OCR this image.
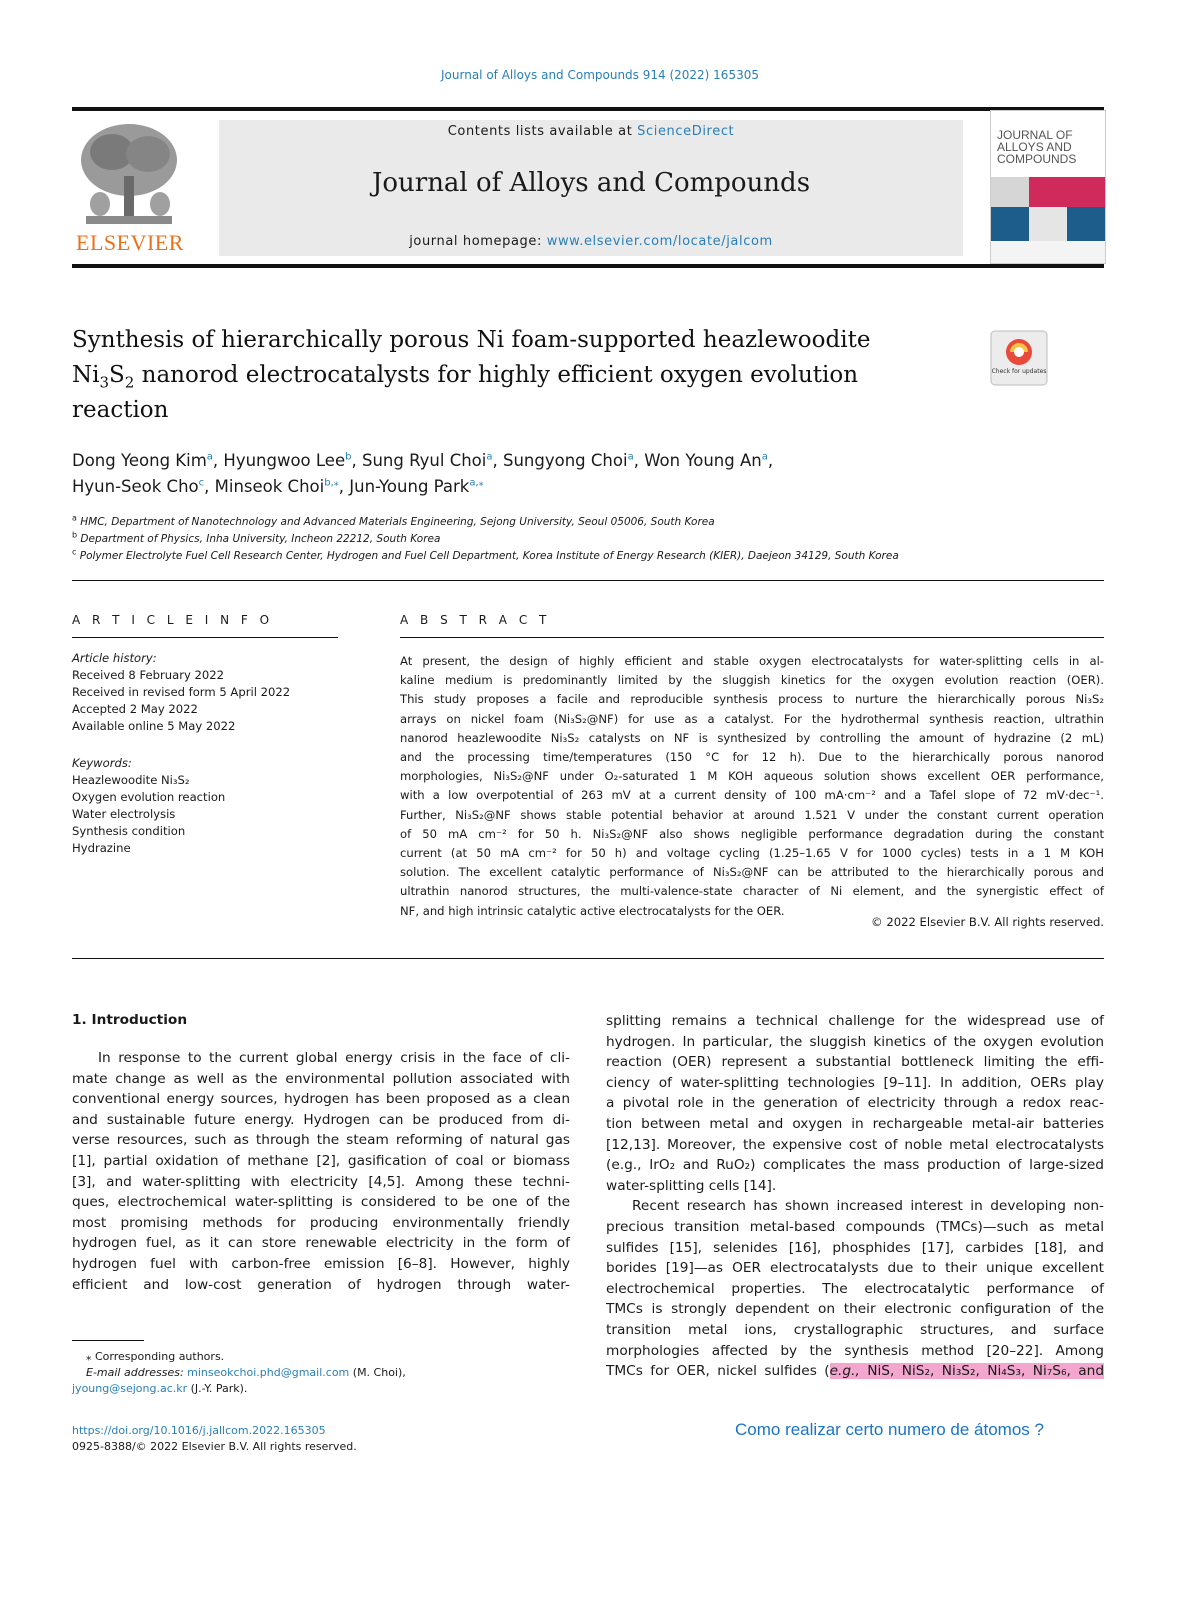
Journal of Alloys and Compounds 914 (2022) 165305
ELSEVIER
Contents lists available at ScienceDirect
Journal of Alloys and Compounds
journal homepage: www.elsevier.com/locate/jalcom
JOURNAL OF ALLOYS AND COMPOUNDS
Synthesis of hierarchically porous Ni foam-supported heazlewoodite
$Ni_3S_2$ nanorod electrocatalysts for highly efficient oxygen evolution
reaction
Check for updates
Dong Yeong Kim$^a$, Hyungwoo Lee$^b$, Sung Ryul Choi$^a$, Sungyong Choi$^a$, Won Young An$^a$,
Hyun-Seok Cho$^c$, Minseok Choi$^{b,⁎}$, Jun-Young Park$^{a,⁎}$
$^a$ HMC, Department of Nanotechnology and Advanced Materials Engineering, Sejong University, Seoul 05006, South Korea
$^b$ Department of Physics, Inha University, Incheon 22212, South Korea
$^c$ Polymer Electrolyte Fuel Cell Research Center, Hydrogen and Fuel Cell Department, Korea Institute of Energy Research (KIER), Daejeon 34129, South Korea
A R T I C L E I N F O
Article history:
Received 8 February 2022
Received in revised form 5 April 2022
Accepted 2 May 2022
Available online 5 May 2022
Keywords:
Heazlewoodite Ni₃S₂
Oxygen evolution reaction
Water electrolysis
Synthesis condition
Hydrazine
A B S T R A C T
At present, the design of highly efficient and stable oxygen electrocatalysts for water-splitting cells in al-
kaline medium is predominantly limited by the sluggish kinetics for the oxygen evolution reaction (OER).
This study proposes a facile and reproducible synthesis process to nurture the hierarchically porous Ni₃S₂
arrays on nickel foam (Ni₃S₂@NF) for use as a catalyst. For the hydrothermal synthesis reaction, ultrathin
nanorod heazlewoodite Ni₃S₂ catalysts on NF is synthesized by controlling the amount of hydrazine (2 mL)
and the processing time/temperatures (150 °C for 12 h). Due to the hierarchically porous nanorod
morphologies, Ni₃S₂@NF under O₂-saturated 1 M KOH aqueous solution shows excellent OER performance,
with a low overpotential of 263 mV at a current density of 100 mA·cm⁻² and a Tafel slope of 72 mV·dec⁻¹.
Further, Ni₃S₂@NF shows stable potential behavior at around 1.521 V under the constant current operation
of 50 mA cm⁻² for 50 h. Ni₃S₂@NF also shows negligible performance degradation during the constant
current (at 50 mA cm⁻² for 50 h) and voltage cycling (1.25–1.65 V for 1000 cycles) tests in a 1 M KOH
solution. The excellent catalytic performance of Ni₃S₂@NF can be attributed to the hierarchically porous and
ultrathin nanorod structures, the multi-valence-state character of Ni element, and the synergistic effect of
NF, and high intrinsic catalytic active electrocatalysts for the OER.
© 2022 Elsevier B.V. All rights reserved.
1. Introduction
In response to the current global energy crisis in the face of cli-
mate change as well as the environmental pollution associated with
conventional energy sources, hydrogen has been proposed as a clean
and sustainable future energy. Hydrogen can be produced from di-
verse resources, such as through the steam reforming of natural gas
[1], partial oxidation of methane [2], gasification of coal or biomass
[3], and water-splitting with electricity [4,5]. Among these techni-
ques, electrochemical water-splitting is considered to be one of the
most promising methods for producing environmentally friendly
hydrogen fuel, as it can store renewable electricity in the form of
hydrogen fuel with carbon-free emission [6–8]. However, highly
efficient and low-cost generation of hydrogen through water-
splitting remains a technical challenge for the widespread use of
hydrogen. In particular, the sluggish kinetics of the oxygen evolution
reaction (OER) represent a substantial bottleneck limiting the effi-
ciency of water-splitting technologies [9–11]. In addition, OERs play
a pivotal role in the generation of electricity through a redox reac-
tion between metal and oxygen in rechargeable metal-air batteries
[12,13]. Moreover, the expensive cost of noble metal electrocatalysts
(e.g., IrO₂ and RuO₂) complicates the mass production of large-sized
water-splitting cells [14].
Recent research has shown increased interest in developing non-
precious transition metal-based compounds (TMCs)—such as metal
sulfides [15], selenides [16], phosphides [17], carbides [18], and
borides [19]—as OER electrocatalysts due to their unique excellent
electrochemical properties. The electrocatalytic performance of
TMCs is strongly dependent on their electronic configuration of the
transition metal ions, crystallographic structures, and surface
morphologies affected by the synthesis method [20–22]. Among
TMCs for OER, nickel sulfides (e.g., NiS, NiS₂, Ni₃S₂, Ni₄S₃, Ni₇S₆, and
⁎ Corresponding authors.
E-mail addresses: minseokchoi.phd@gmail.com (M. Choi),
jyoung@sejong.ac.kr (J.-Y. Park).
https://doi.org/10.1016/j.jallcom.2022.165305
0925-8388/© 2022 Elsevier B.V. All rights reserved.
Como realizar certo numero de átomos ?
